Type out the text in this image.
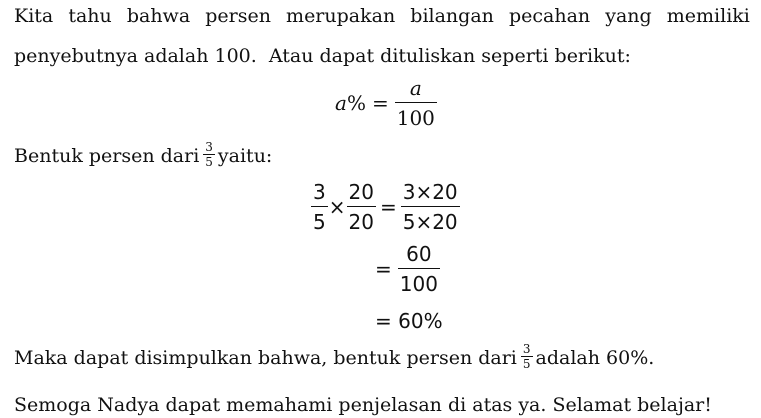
Kita tahu bahwa persen merupakan bilangan pecahan yang memiliki
penyebutnya adalah 100.  Atau dapat dituliskan seperti berikut:
a % = $\frac{a}{100}$
Bentuk persen dari $\frac{3}{5}$ yaitu:
$\frac{3}{5} \times \frac{20}{20} = \frac{3\times 20}{5\times 20}$
= $\frac{60}{100}$
= 60%
Maka dapat disimpulkan bahwa, bentuk persen dari $\frac{3}{5}$ adalah 60%.
Semoga Nadya dapat memahami penjelasan di atas ya. Selamat belajar!
